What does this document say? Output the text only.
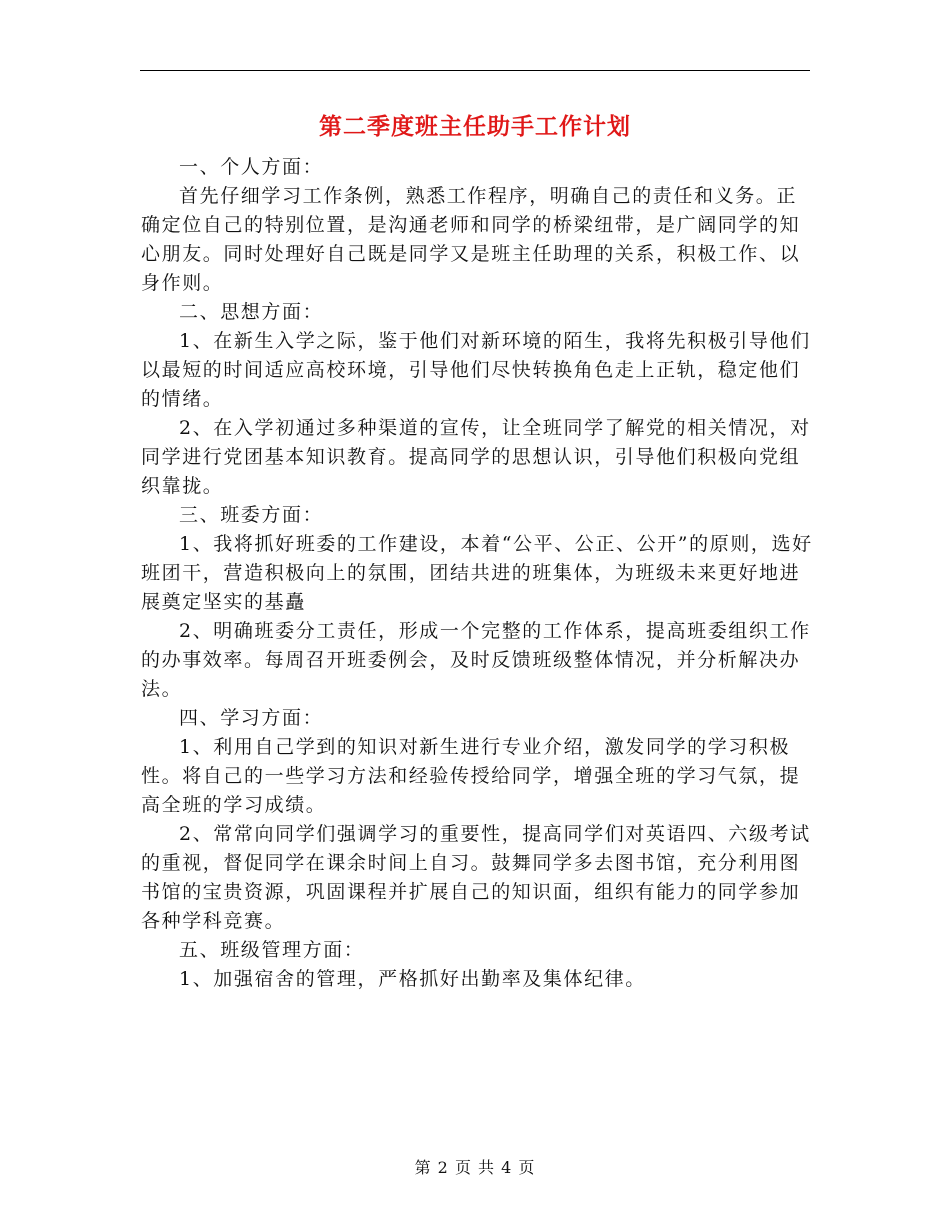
第二季度班主任助手工作计划

一、个人方面：

首先仔细学习工作条例，熟悉工作程序，明确自己的责任和义务。正确定位自己的特别位置，是沟通老师和同学的桥梁纽带，是广阔同学的知心朋友。同时处理好自己既是同学又是班主任助理的关系，积极工作、以身作则。

二、思想方面：

1、在新生入学之际，鉴于他们对新环境的陌生，我将先积极引导他们以最短的时间适应高校环境，引导他们尽快转换角色走上正轨，稳定他们的情绪。

2、在入学初通过多种渠道的宣传，让全班同学了解党的相关情况，对同学进行党团基本知识教育。提高同学的思想认识，引导他们积极向党组织靠拢。

三、班委方面：

1、我将抓好班委的工作建设，本着“公平、公正、公开”的原则，选好班团干，营造积极向上的氛围，团结共进的班集体，为班级未来更好地进展奠定坚实的基矗

2、明确班委分工责任，形成一个完整的工作体系，提高班委组织工作的办事效率。每周召开班委例会，及时反馈班级整体情况，并分析解决办法。

四、学习方面：

1、利用自己学到的知识对新生进行专业介绍，激发同学的学习积极性。将自己的一些学习方法和经验传授给同学，增强全班的学习气氛，提高全班的学习成绩。

2、常常向同学们强调学习的重要性，提高同学们对英语四、六级考试的重视，督促同学在课余时间上自习。鼓舞同学多去图书馆，充分利用图书馆的宝贵资源，巩固课程并扩展自己的知识面，组织有能力的同学参加各种学科竞赛。

五、班级管理方面：

1、加强宿舍的管理，严格抓好出勤率及集体纪律。

第 2 页 共 4 页
